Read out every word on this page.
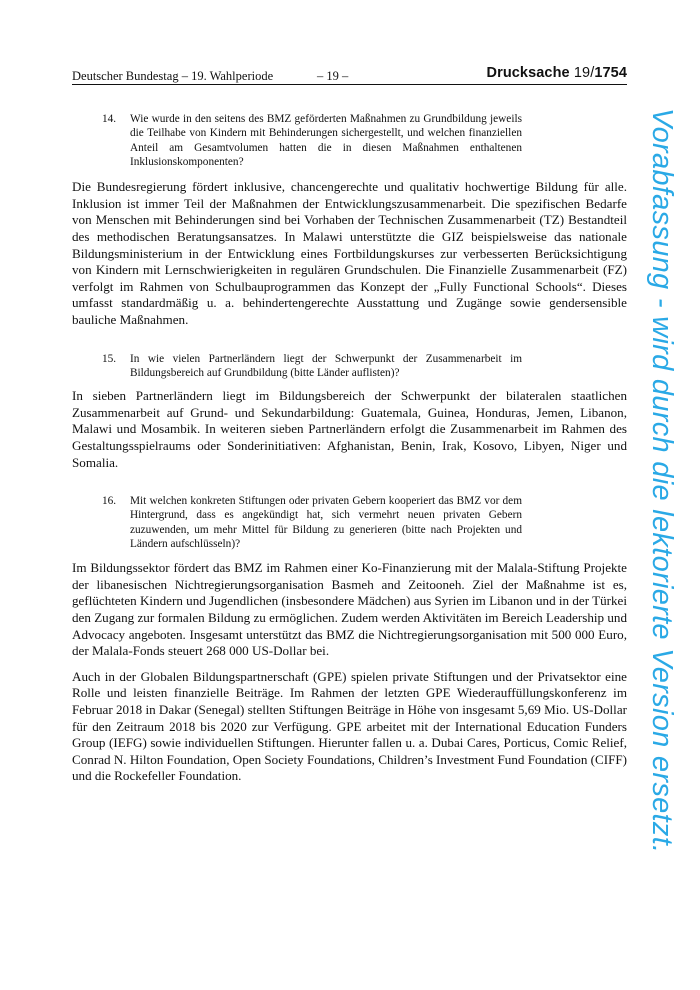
Deutscher Bundestag – 19. Wahlperiode	– 19 –	Drucksache 19/1754
14.	Wie wurde in den seitens des BMZ geförderten Maßnahmen zu Grundbildung jeweils die Teilhabe von Kindern mit Behinderungen sichergestellt, und welchen finanziellen Anteil am Gesamtvolumen hatten die in diesen Maßnahmen enthaltenen Inklusionskomponenten?

Die Bundesregierung fördert inklusive, chancengerechte und qualitativ hochwertige Bildung für alle. Inklusion ist immer Teil der Maßnahmen der Entwicklungszusammenarbeit. Die spezifischen Bedarfe von Menschen mit Behinderungen sind bei Vorhaben der Technischen Zusammenarbeit (TZ) Bestandteil des methodischen Beratungsansatzes. In Malawi unterstützte die GIZ beispielsweise das nationale Bildungsministerium in der Entwicklung eines Fortbildungskurses zur verbesserten Berücksichtigung von Kindern mit Lernschwierigkeiten in regulären Grundschulen. Die Finanzielle Zusammenarbeit (FZ) verfolgt im Rahmen von Schulbauprogrammen das Konzept der „Fully Functional Schools“. Dieses umfasst standardmäßig u. a. behindertengerechte Ausstattung und Zugänge sowie gendersensible bauliche Maßnahmen.

15.	In wie vielen Partnerländern liegt der Schwerpunkt der Zusammenarbeit im Bildungsbereich auf Grundbildung (bitte Länder auflisten)?

In sieben Partnerländern liegt im Bildungsbereich der Schwerpunkt der bilateralen staatlichen Zusammenarbeit auf Grund- und Sekundarbildung: Guatemala, Guinea, Honduras, Jemen, Libanon, Malawi und Mosambik. In weiteren sieben Partnerländern erfolgt die Zusammenarbeit im Rahmen des Gestaltungsspielraums oder Sonderinitiativen: Afghanistan, Benin, Irak, Kosovo, Libyen, Niger und Somalia.

16.	Mit welchen konkreten Stiftungen oder privaten Gebern kooperiert das BMZ vor dem Hintergrund, dass es angekündigt hat, sich vermehrt neuen privaten Gebern zuzuwenden, um mehr Mittel für Bildung zu generieren (bitte nach Projekten und Ländern aufschlüsseln)?

Im Bildungssektor fördert das BMZ im Rahmen einer Ko-Finanzierung mit der Malala-Stiftung Projekte der libanesischen Nichtregierungsorganisation Basmeh and Zeitooneh. Ziel der Maßnahme ist es, geflüchteten Kindern und Jugendlichen (insbesondere Mädchen) aus Syrien im Libanon und in der Türkei den Zugang zur formalen Bildung zu ermöglichen. Zudem werden Aktivitäten im Bereich Leadership und Advocacy angeboten. Insgesamt unterstützt das BMZ die Nichtregierungsorganisation mit 500 000 Euro, der Malala-Fonds steuert 268 000 US-Dollar bei.

Auch in der Globalen Bildungspartnerschaft (GPE) spielen private Stiftungen und der Privatsektor eine Rolle und leisten finanzielle Beiträge. Im Rahmen der letzten GPE Wiederauffüllungskonferenz im Februar 2018 in Dakar (Senegal) stellten Stiftungen Beiträge in Höhe von insgesamt 5,69 Mio. US-Dollar für den Zeitraum 2018 bis 2020 zur Verfügung. GPE arbeitet mit der International Education Funders Group (IEFG) sowie individuellen Stiftungen. Hierunter fallen u. a. Dubai Cares, Porticus, Comic Relief, Conrad N. Hilton Foundation, Open Society Foundations, Children’s Investment Fund Foundation (CIFF) und die Rockefeller Foundation.	Vorabfassung - wird durch die lektorierte Version ersetzt.
